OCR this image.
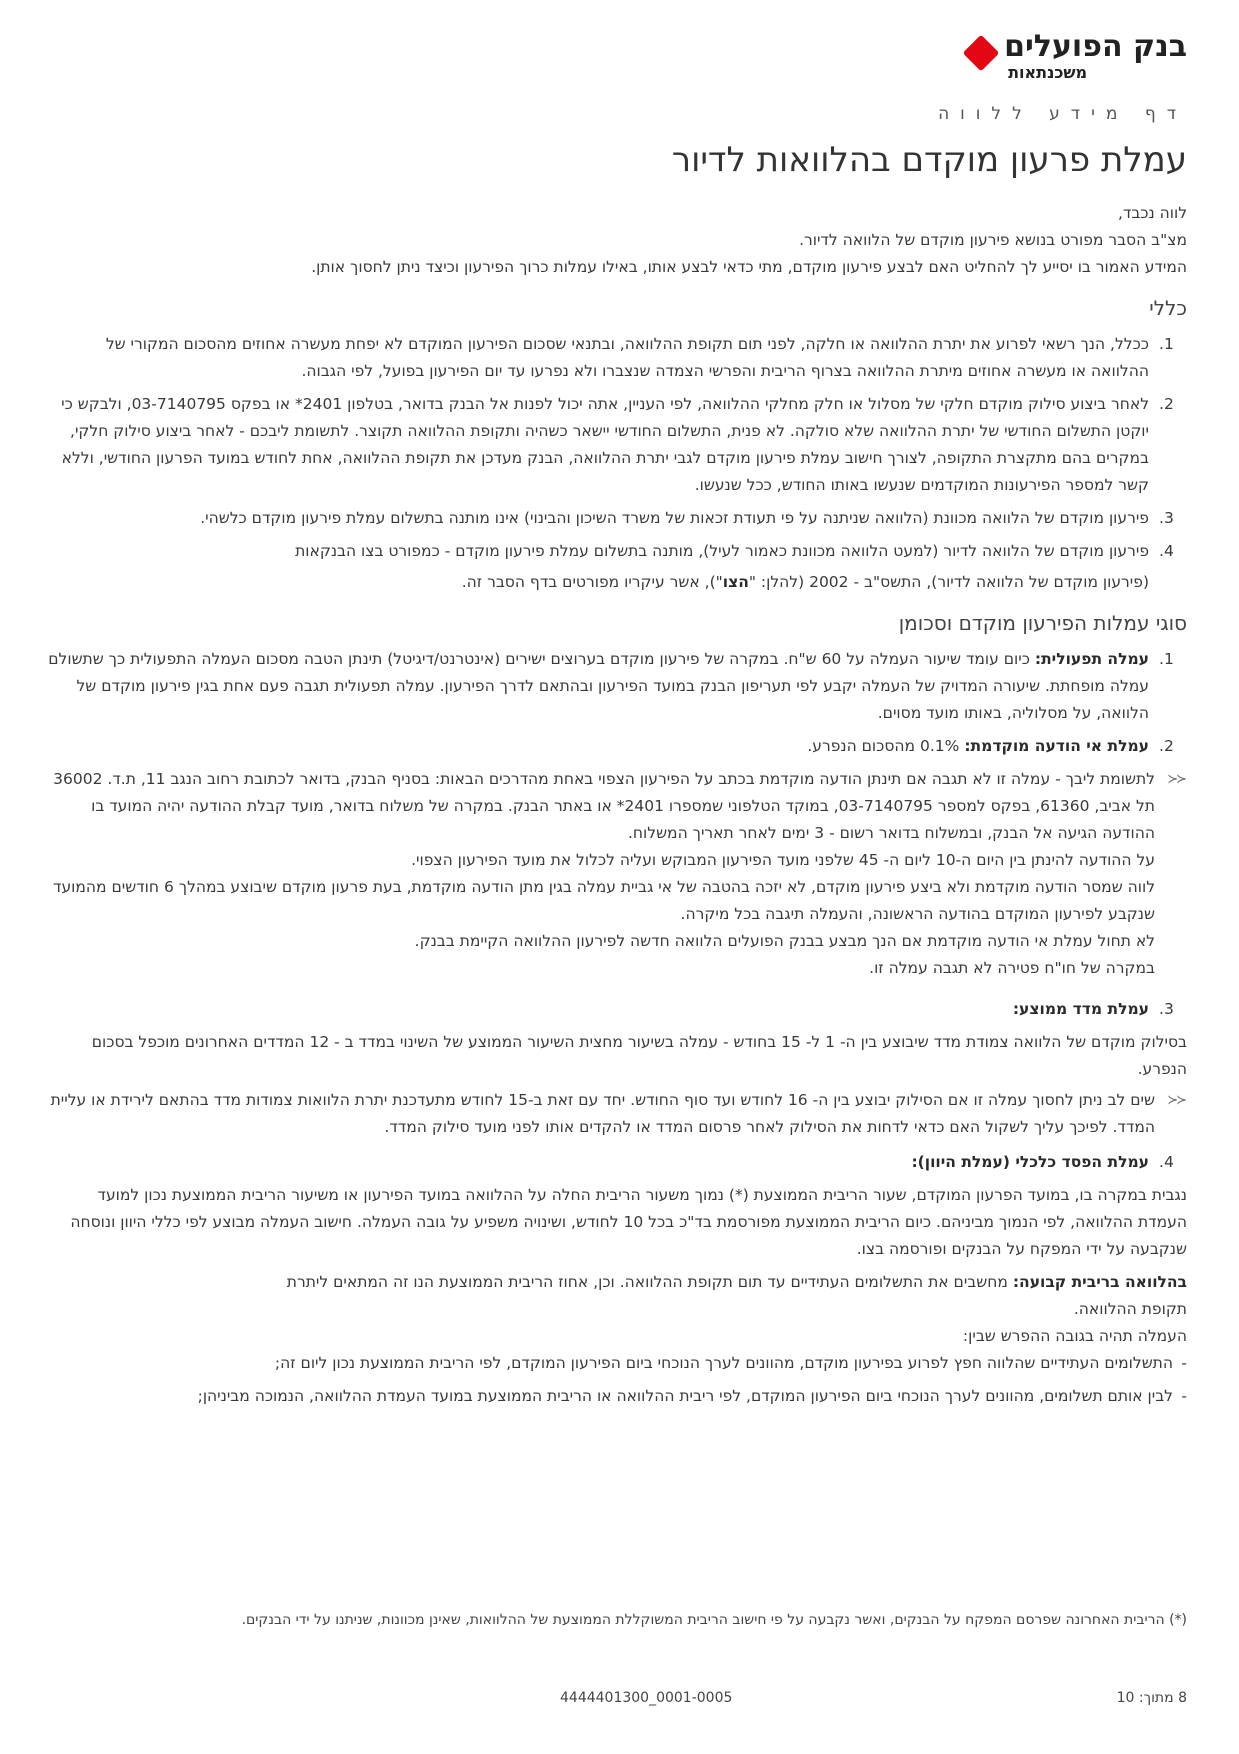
בנק הפועלים
משכנתאות
דף מידע ללווה
עמלת פרעון מוקדם בהלוואות לדיור

לווה נכבד,

מצ"ב הסבר מפורט בנושא פירעון מוקדם של הלוואה לדיור.

המידע האמור בו יסייע לך להחליט האם לבצע פירעון מוקדם, מתי כדאי לבצע אותו, באילו עמלות כרוך הפירעון וכיצד ניתן לחסוך אותן.

כללי
1.
ככלל, הנך רשאי לפרוע את יתרת ההלוואה או חלקה, לפני תום תקופת ההלוואה, ובתנאי שסכום הפירעון המוקדם לא יפחת מעשרה אחוזים מהסכום המקורי של ההלוואה או מעשרה אחוזים מיתרת ההלוואה בצרוף הריבית והפרשי הצמדה שנצברו ולא נפרעו עד יום הפירעון בפועל, לפי הגבוה.
2.
לאחר ביצוע סילוק מוקדם חלקי של מסלול או חלק מחלקי ההלוואה, לפי העניין, אתה יכול לפנות אל הבנק בדואר, בטלפון 2401* או בפקס 03-7140795, ולבקש כי יוקטן התשלום החודשי של יתרת ההלוואה שלא סולקה. לא פנית, התשלום החודשי יישאר כשהיה ותקופת ההלוואה תקוצר. לתשומת ליבכם - לאחר ביצוע סילוק חלקי, במקרים בהם מתקצרת התקופה, לצורך חישוב עמלת פירעון מוקדם לגבי יתרת ההלוואה, הבנק מעדכן את תקופת ההלוואה, אחת לחודש במועד הפרעון החודשי, וללא קשר למספר הפירעונות המוקדמים שנעשו באותו החודש, ככל שנעשו.
3.
פירעון מוקדם של הלוואה מכוונת (הלוואה שניתנה על פי תעודת זכאות של משרד השיכון והבינוי) אינו מותנה בתשלום עמלת פירעון מוקדם כלשהי.
4.
פירעון מוקדם של הלוואה לדיור (למעט הלוואה מכוונת כאמור לעיל), מותנה בתשלום עמלת פירעון מוקדם - כמפורט בצו הבנקאות

(פירעון מוקדם של הלוואה לדיור), התשס"ב - 2002 (להלן: "הצו"), אשר עיקריו מפורטים בדף הסבר זה.

סוגי עמלות הפירעון מוקדם וסכומן
1.
עמלה תפעולית: כיום עומד שיעור העמלה על 60 ש"ח. במקרה של פירעון מוקדם בערוצים ישירים (אינטרנט/דיגיטל) תינתן הטבה מסכום העמלה התפעולית כך שתשולם עמלה מופחתת. שיעורה המדויק של העמלה יקבע לפי תעריפון הבנק במועד הפירעון ובהתאם לדרך הפירעון. עמלה תפעולית תגבה פעם אחת בגין פירעון מוקדם של הלוואה, על מסלוליה, באותו מועד מסוים.
2.
עמלת אי הודעה מוקדמת: 0.1% מהסכום הנפרע.
≺≺

לתשומת ליבך - עמלה זו לא תגבה אם תינתן הודעה מוקדמת בכתב על הפירעון הצפוי באחת מהדרכים הבאות: בסניף הבנק, בדואר לכתובת רחוב הנגב 11, ת.ד. 36002 תל אביב, 61360, בפקס למספר 03-7140795, במוקד הטלפוני שמספרו 2401* או באתר הבנק. במקרה של משלוח בדואר, מועד קבלת ההודעה יהיה המועד בו ההודעה הגיעה אל הבנק, ובמשלוח בדואר רשום - 3 ימים לאחר תאריך המשלוח.

על ההודעה להינתן בין היום ה-10 ליום ה- 45 שלפני מועד הפירעון המבוקש ועליה לכלול את מועד הפירעון הצפוי.

לווה שמסר הודעה מוקדמת ולא ביצע פירעון מוקדם, לא יזכה בהטבה של אי גביית עמלה בגין מתן הודעה מוקדמת, בעת פרעון מוקדם שיבוצע במהלך 6 חודשים מהמועד שנקבע לפירעון המוקדם בהודעה הראשונה, והעמלה תיגבה בכל מיקרה.

לא תחול עמלת אי הודעה מוקדמת אם הנך מבצע בבנק הפועלים הלוואה חדשה לפירעון ההלוואה הקיימת בבנק.

במקרה של חו"ח פטירה לא תגבה עמלה זו.

3.
עמלת מדד ממוצע:

בסילוק מוקדם של הלוואה צמודת מדד שיבוצע בין ה- 1 ל- 15 בחודש - עמלה בשיעור מחצית השיעור הממוצע של השינוי במדד ב - 12 המדדים האחרונים מוכפל בסכום הנפרע.

≺≺

שים לב ניתן לחסוך עמלה זו אם הסילוק יבוצע בין ה- 16 לחודש ועד סוף החודש. יחד עם זאת ב-15 לחודש מתעדכנת יתרת הלוואות צמודות מדד בהתאם לירידת או עליית המדד. לפיכך עליך לשקול האם כדאי לדחות את הסילוק לאחר פרסום המדד או להקדים אותו לפני מועד סילוק המדד.

4.
עמלת הפסד כלכלי (עמלת היוון):

נגבית במקרה בו, במועד הפרעון המוקדם, שעור הריבית הממוצעת (*) נמוך משעור הריבית החלה על ההלוואה במועד הפירעון או משיעור הריבית הממוצעת נכון למועד העמדת ההלוואה, לפי הנמוך מביניהם. כיום הריבית הממוצעת מפורסמת בד"כ בכל 10 לחודש, ושינויה משפיע על גובה העמלה. חישוב העמלה מבוצע לפי כללי היוון ונוסחה שנקבעה על ידי המפקח על הבנקים ופורסמה בצו.

בהלוואה בריבית קבועה: מחשבים את התשלומים העתידיים עד תום תקופת ההלוואה. וכן, אחוז הריבית הממוצעת הנו זה המתאים ליתרת

תקופת ההלוואה.

העמלה תהיה בגובה ההפרש שבין:

- התשלומים העתידיים שהלווה חפץ לפרוע בפירעון מוקדם, מהוונים לערך הנוכחי ביום הפירעון המוקדם, לפי הריבית הממוצעת נכון ליום זה;
- לבין אותם תשלומים, מהוונים לערך הנוכחי ביום הפירעון המוקדם, לפי ריבית ההלוואה או הריבית הממוצעת במועד העמדת ההלוואה, הנמוכה מביניהן;
(*) הריבית האחרונה שפרסם המפקח על הבנקים, ואשר נקבעה על פי חישוב הריבית המשוקללת הממוצעת של ההלוואות, שאינן מכוונות, שניתנו על ידי הבנקים.
4444401300_0001-0005	8 מתוך: 10
